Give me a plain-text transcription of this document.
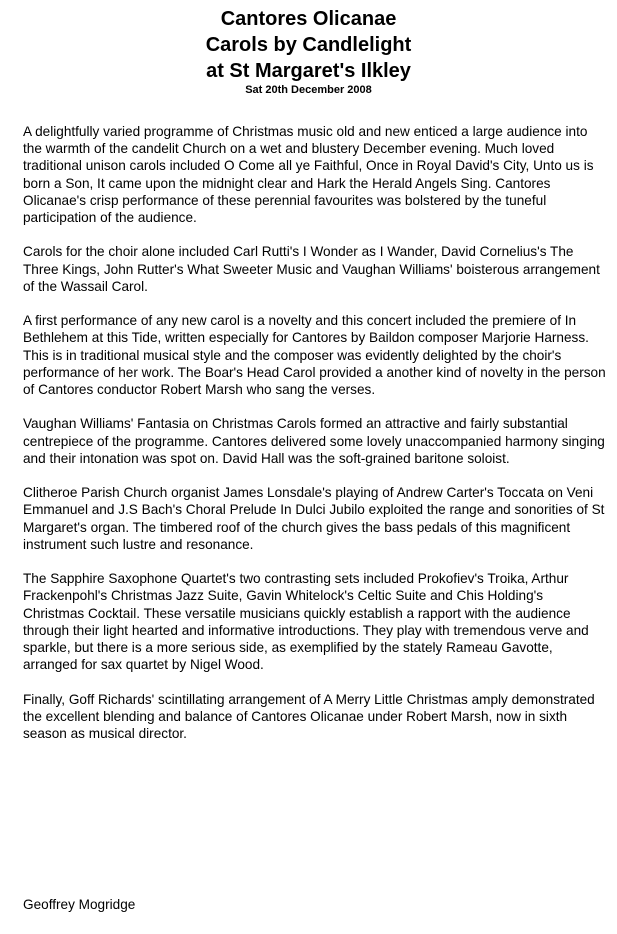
Cantores Olicanae
Carols by Candlelight
at St Margaret's Ilkley
Sat 20th December 2008

A delightfully varied programme of Christmas music old and new enticed a large audience into the warmth of the candelit Church on a wet and blustery December evening. Much loved traditional unison carols included O Come all ye Faithful, Once in Royal David's City, Unto us is born a Son, It came upon the midnight clear and Hark the Herald Angels Sing. Cantores Olicanae's crisp performance of these perennial favourites was bolstered by the tuneful participation of the audience.

Carols for the choir alone included Carl Rutti's I Wonder as I Wander, David Cornelius's The Three Kings, John Rutter's What Sweeter Music and Vaughan Williams' boisterous arrangement of the Wassail Carol.

A first performance of any new carol is a novelty and this concert included the premiere of In Bethlehem at this Tide, written especially for Cantores by Baildon composer Marjorie Harness. This is in traditional musical style and the composer was evidently delighted by the choir's performance of her work. The Boar's Head Carol provided a another kind of novelty in the person of Cantores conductor Robert Marsh who sang the verses.

Vaughan Williams' Fantasia on Christmas Carols formed an attractive and fairly substantial centrepiece of the programme. Cantores delivered some lovely unaccompanied harmony singing and their intonation was spot on. David Hall was the soft-grained baritone soloist.

Clitheroe Parish Church organist James Lonsdale's playing of Andrew Carter's Toccata on Veni Emmanuel and J.S Bach's Choral Prelude In Dulci Jubilo exploited the range and sonorities of St Margaret's organ. The timbered roof of the church gives the bass pedals of this magnificent instrument such lustre and resonance.

The Sapphire Saxophone Quartet's two contrasting sets included Prokofiev's Troika, Arthur Frackenpohl's Christmas Jazz Suite, Gavin Whitelock's Celtic Suite and Chis Holding's Christmas Cocktail. These versatile musicians quickly establish a rapport with the audience through their light hearted and informative introductions. They play with tremendous verve and sparkle, but there is a more serious side, as exemplified by the stately Rameau Gavotte, arranged for sax quartet by Nigel Wood.

Finally, Goff Richards' scintillating arrangement of A Merry Little Christmas amply demonstrated the excellent blending and balance of Cantores Olicanae under Robert Marsh, now in sixth season as musical director.

Geoffrey Mogridge
